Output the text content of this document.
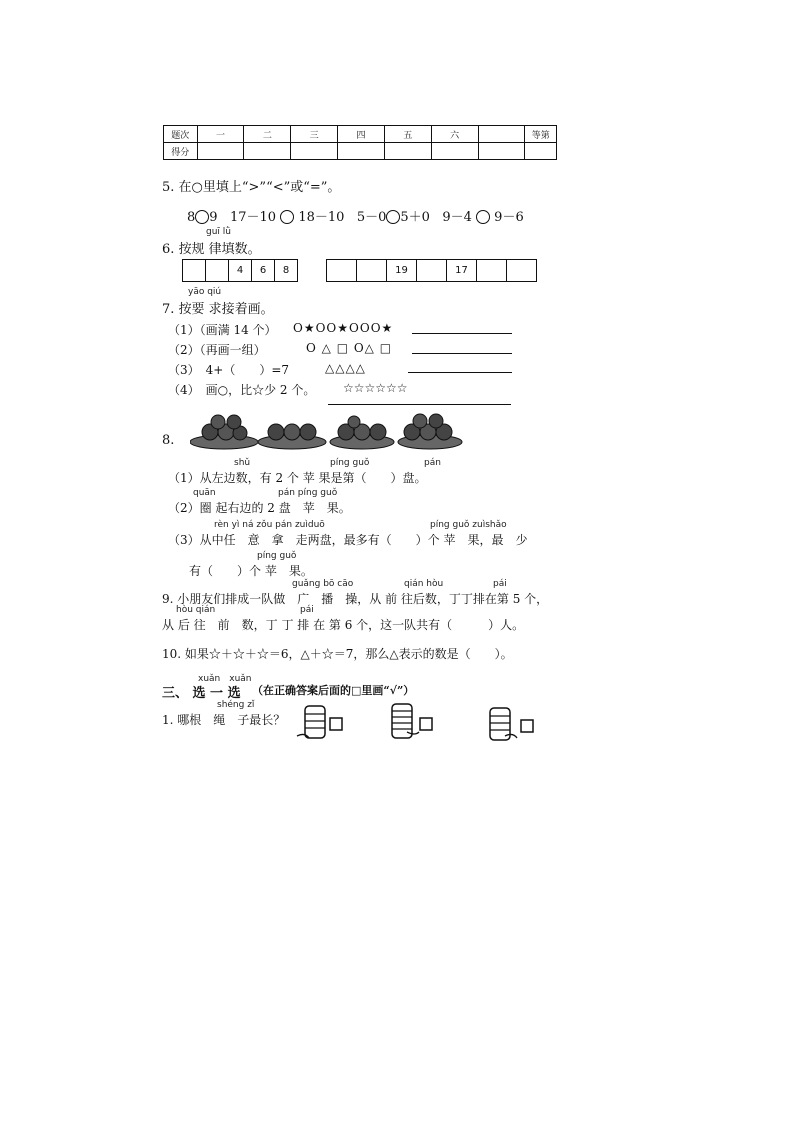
题次	一	二	三	四	五	六		等第
得分								
5. 在○里填上“>”“<”或“=”。
8 9 17－10 18－10 5－0 5＋0 9－4 9－6
guī lǜ
6. 按规 律填数。
4	6	8	19	17
yāo qiú
7. 按要 求接着画。
（1）（画满 14 个） O★OO★OOO★
（2）（再画一组）	O △ □ O△ □
（3）　4+（　　）=7	△△△△
（4）　画○，比☆少 2 个。 ☆☆☆☆☆☆
8.
shǔ	píng guǒ	pán
（1）从左边数，有 2 个 苹 果是第（　　）盘。
quān	pán píng guǒ
（2）圈 起右边的 2 盘　苹　果。
rèn yì ná zǒu pán zuìduō	píng guǒ zuìshǎo
（3）从中任　意　拿　走两盘，最多有（　　）个 苹　果，最　少
píng guǒ
有（　　）个 苹　果。
guǎng bō cāo	qián hòu	pái
9. 小朋友们排成一队做　广　播　操，从 前 往后数，丁丁排在第 5 个，
hòu qián	pái
从 后 往　前　数，丁 丁 排 在 第 6 个，这一队共有（　　　）人。
10. 如果☆＋☆＋☆＝6，△＋☆＝7，那么△表示的数是（　　）。
xuǎn　xuǎn
三、 选 一 选 （在正确答案后面的□里画“√”）
shéng zǐ
1. 哪根　绳　子最长？
